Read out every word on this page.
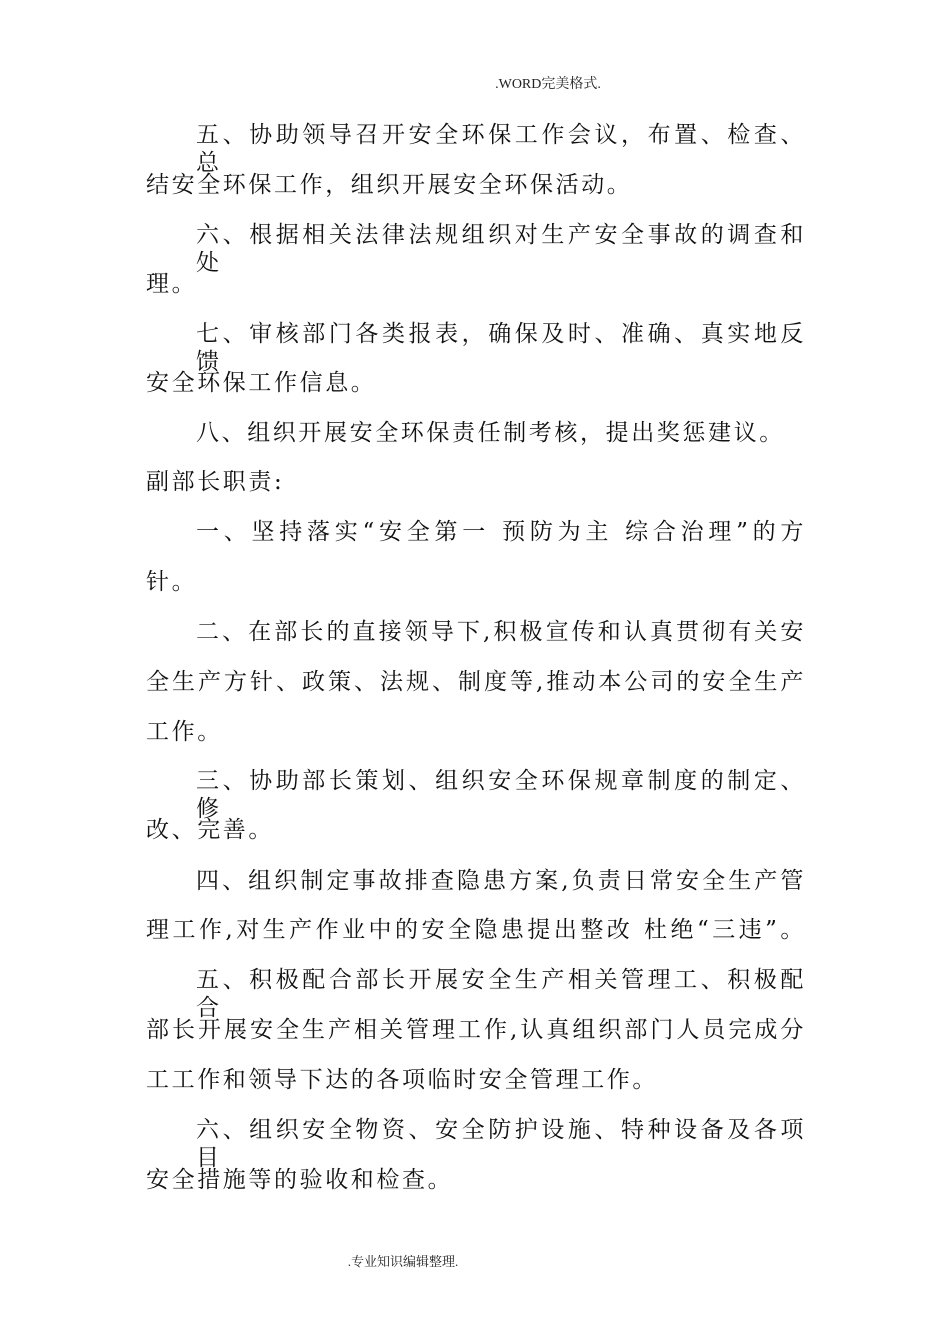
.WORD完美格式.
五、协助领导召开安全环保工作会议，布置、检查、总
结安全环保工作，组织开展安全环保活动。
六、根据相关法律法规组织对生产安全事故的调查和处
理。
七、审核部门各类报表，确保及时、准确、真实地反馈
安全环保工作信息。
八、组织开展安全环保责任制考核，提出奖惩建议。
副部长职责:
一、坚持落实“安全第一 预防为主 综合治理”的方
针。
二、在部长的直接领导下,积极宣传和认真贯彻有关安
全生产方针、政策、法规、制度等,推动本公司的安全生产
工作。
三、协助部长策划、组织安全环保规章制度的制定、修
改、完善。
四、组织制定事故排查隐患方案,负责日常安全生产管
理工作,对生产作业中的安全隐患提出整改 杜绝“三违”。
五、积极配合部长开展安全生产相关管理工、积极配合
部长开展安全生产相关管理工作,认真组织部门人员完成分
工工作和领导下达的各项临时安全管理工作。
六、组织安全物资、安全防护设施、特种设备及各项目
安全措施等的验收和检查。
.专业知识编辑整理.
